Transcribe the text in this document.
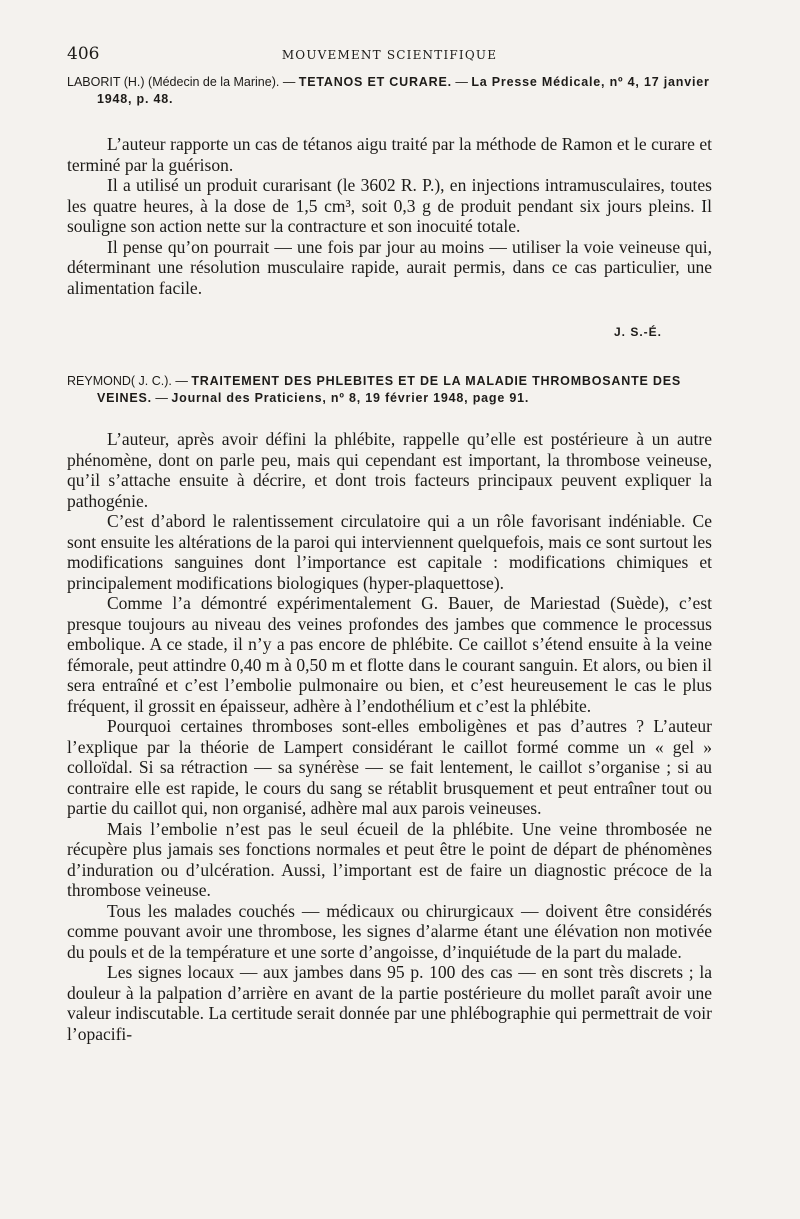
406	MOUVEMENT SCIENTIFIQUE

LABORIT (H.) (Médecin de la Marine). — TETANOS ET CURARE. — La Presse Médicale, nº 4, 17 janvier 1948, p. 48.

L’auteur rapporte un cas de tétanos aigu traité par la méthode de Ramon et le curare et terminé par la guérison.

Il a utilisé un produit curarisant (le 3602 R. P.), en injections intramusculaires, toutes les quatre heures, à la dose de 1,5 cm³, soit 0,3 g de produit pendant six jours pleins. Il souligne son action nette sur la contracture et son inocuité totale.

Il pense qu’on pourrait — une fois par jour au moins — utiliser la voie veineuse qui, déterminant une résolution musculaire rapide, aurait permis, dans ce cas particulier, une alimentation facile.

J. S.-É.

REYMOND( J. C.). — TRAITEMENT DES PHLEBITES ET DE LA MALADIE THROMBOSANTE DES VEINES. — Journal des Praticiens, nº 8, 19 février 1948, page 91.

L’auteur, après avoir défini la phlébite, rappelle qu’elle est postérieure à un autre phénomène, dont on parle peu, mais qui cependant est important, la thrombose veineuse, qu’il s’attache ensuite à décrire, et dont trois facteurs principaux peuvent expliquer la pathogénie.

C’est d’abord le ralentissement circulatoire qui a un rôle favorisant indéniable. Ce sont ensuite les altérations de la paroi qui interviennent quelquefois, mais ce sont surtout les modifications sanguines dont l’importance est capitale : modifications chimiques et principalement modifications biologiques (hyper-plaquettose).

Comme l’a démontré expérimentalement G. Bauer, de Mariestad (Suède), c’est presque toujours au niveau des veines profondes des jambes que commence le processus embolique. A ce stade, il n’y a pas encore de phlébite. Ce caillot s’étend ensuite à la veine fémorale, peut attindre 0,40 m à 0,50 m et flotte dans le courant sanguin. Et alors, ou bien il sera entraîné et c’est l’embolie pulmonaire ou bien, et c’est heureusement le cas le plus fréquent, il grossit en épaisseur, adhère à l’endothélium et c’est la phlébite.

Pourquoi certaines thromboses sont-elles emboligènes et pas d’autres ? L’auteur l’explique par la théorie de Lampert considérant le caillot formé comme un « gel » colloïdal. Si sa rétraction — sa synérèse — se fait lentement, le caillot s’organise ; si au contraire elle est rapide, le cours du sang se rétablit brusquement et peut entraîner tout ou partie du caillot qui, non organisé, adhère mal aux parois veineuses.

Mais l’embolie n’est pas le seul écueil de la phlébite. Une veine thrombosée ne récupère plus jamais ses fonctions normales et peut être le point de départ de phénomènes d’induration ou d’ulcération. Aussi, l’important est de faire un diagnostic précoce de la thrombose veineuse.

Tous les malades couchés — médicaux ou chirurgicaux — doivent être considérés comme pouvant avoir une thrombose, les signes d’alarme étant une élévation non motivée du pouls et de la température et une sorte d’angoisse, d’inquiétude de la part du malade.

Les signes locaux — aux jambes dans 95 p. 100 des cas — en sont très discrets ; la douleur à la palpation d’arrière en avant de la partie postérieure du mollet paraît avoir une valeur indiscutable. La certitude serait donnée par une phlébographie qui permettrait de voir l’opacifi-
